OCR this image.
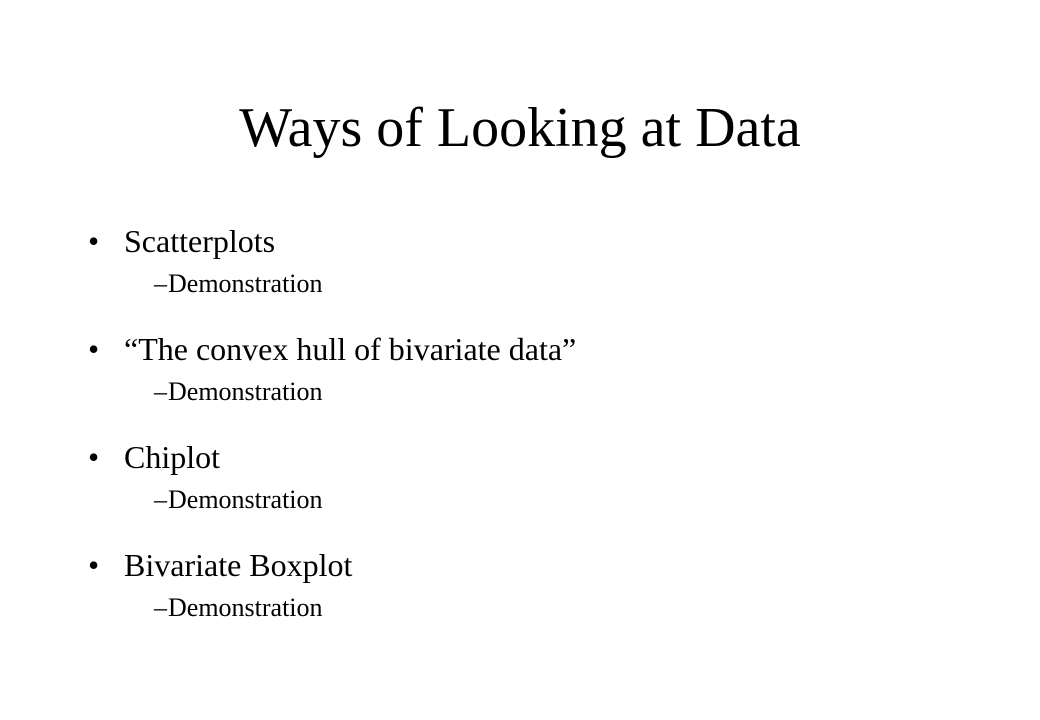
Ways of Looking at Data
• Scatterplots
– Demonstration
• “The convex hull of bivariate data”
– Demonstration
• Chiplot
– Demonstration
• Bivariate Boxplot
– Demonstration
